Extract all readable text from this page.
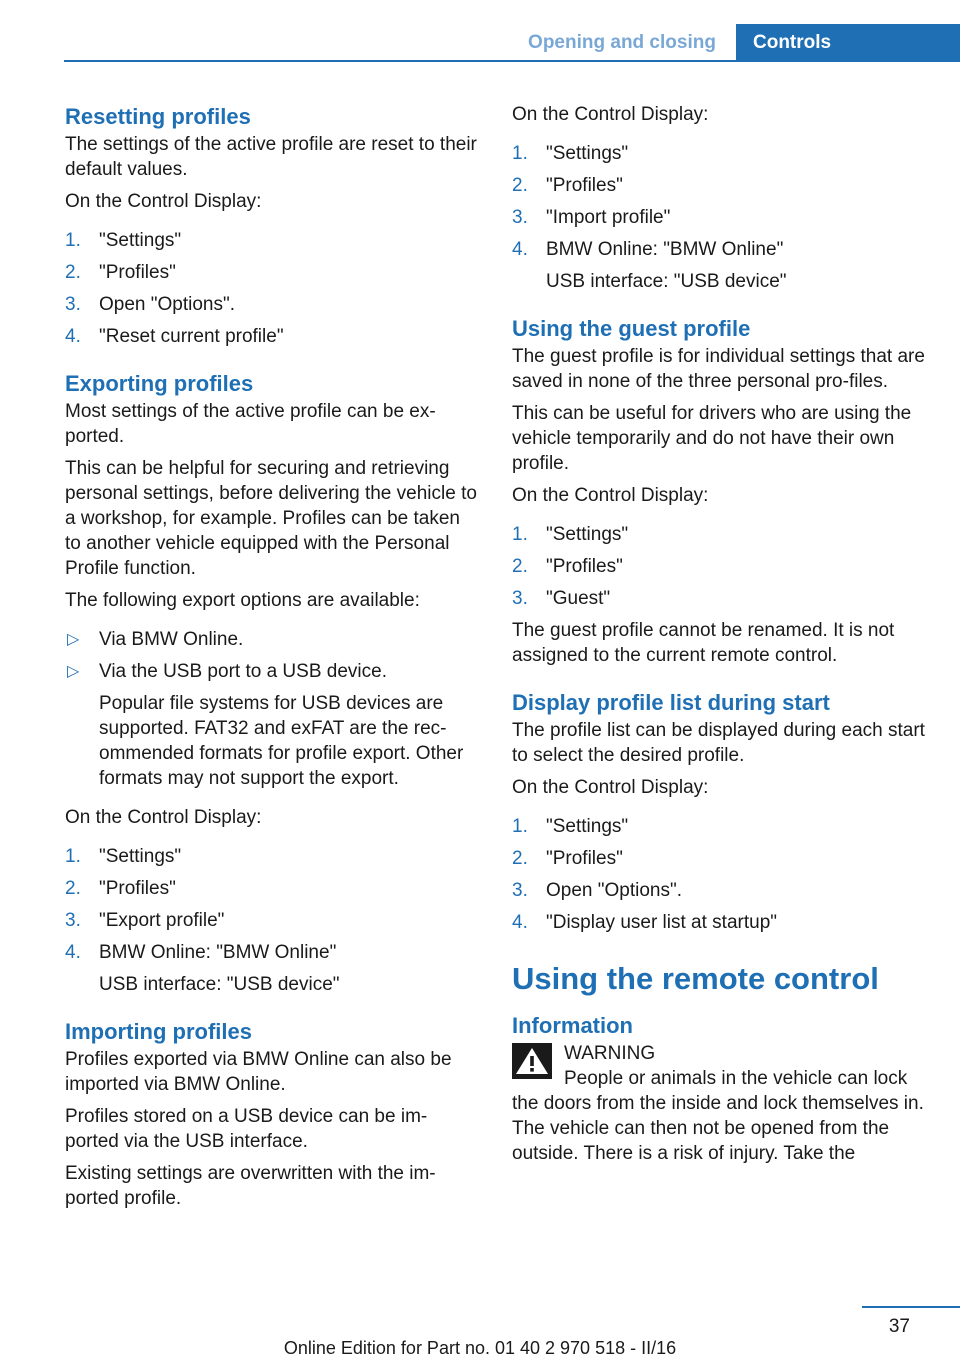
Opening and closing	Controls
Resetting profiles

The settings of the active profile are reset to their default values.

On the Control Display:

1. "Settings"
2. "Profiles"
3. Open "Options".
4. "Reset current profile"
Exporting profiles

Most settings of the active profile can be ex-ported.

This can be helpful for securing and retrieving personal settings, before delivering the vehicle to a workshop, for example. Profiles can be taken to another vehicle equipped with the Personal Profile function.

The following export options are available:

▷ Via BMW Online.
▷ Via the USB port to a USB device.
Popular file systems for USB devices are supported. FAT32 and exFAT are the rec-ommended formats for profile export. Other formats may not support the export.

On the Control Display:

1. "Settings"
2. "Profiles"
3. "Export profile"
4. BMW Online: "BMW Online"
USB interface: "USB device"
Importing profiles

Profiles exported via BMW Online can also be imported via BMW Online.

Profiles stored on a USB device can be im-ported via the USB interface.

Existing settings are overwritten with the im-ported profile.

On the Control Display:

1. "Settings"
2. "Profiles"
3. "Import profile"
4. BMW Online: "BMW Online"
USB interface: "USB device"
Using the guest profile

The guest profile is for individual settings that are saved in none of the three personal pro-files.

This can be useful for drivers who are using the vehicle temporarily and do not have their own profile.

On the Control Display:

1. "Settings"
2. "Profiles"
3. "Guest"

The guest profile cannot be renamed. It is not assigned to the current remote control.

Display profile list during start

The profile list can be displayed during each start to select the desired profile.

On the Control Display:

1. "Settings"
2. "Profiles"
3. Open "Options".
4. "Display user list at startup"
Using the remote control
Information
WARNING
People or animals in the vehicle can lock
the doors from the inside and lock themselves in. The vehicle can then not be opened from the outside. There is a risk of injury. Take the
37
Online Edition for Part no. 01 40 2 970 518 - II/16
